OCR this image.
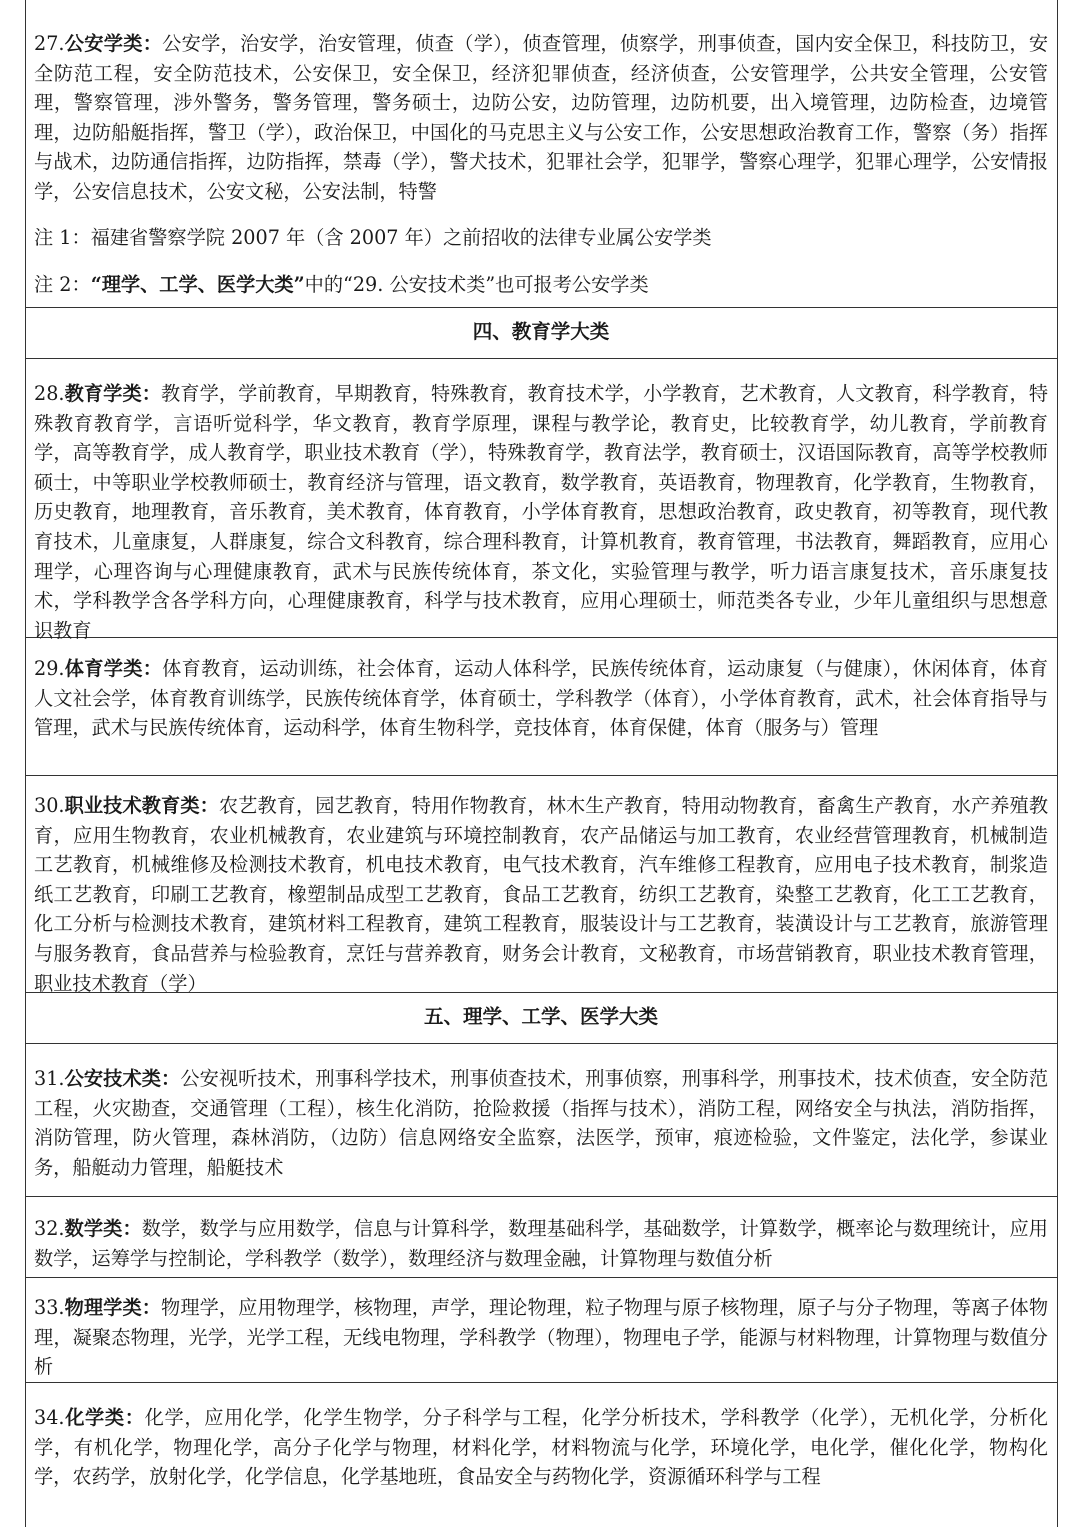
27.公安学类：公安学，治安学，治安管理，侦查（学），侦查管理，侦察学，刑事侦查，国内安全保卫，科技防卫，安全防范工程，安全防范技术，公安保卫，安全保卫，经济犯罪侦查，经济侦查，公安管理学，公共安全管理，公安管理，警察管理，涉外警务，警务管理，警务硕士，边防公安，边防管理，边防机要，出入境管理，边防检查，边境管理，边防船艇指挥，警卫（学），政治保卫，中国化的马克思主义与公安工作，公安思想政治教育工作，警察（务）指挥与战术，边防通信指挥，边防指挥，禁毒（学），警犬技术，犯罪社会学，犯罪学，警察心理学，犯罪心理学，公安情报学，公安信息技术，公安文秘，公安法制，特警

注 1：福建省警察学院 2007 年（含 2007 年）之前招收的法律专业属公安学类

注 2：“理学、工学、医学大类”中的“29. 公安技术类”也可报考公安学类

四、教育学大类

28.教育学类：教育学，学前教育，早期教育，特殊教育，教育技术学，小学教育，艺术教育，人文教育，科学教育，特殊教育教育学，言语听觉科学，华文教育，教育学原理，课程与教学论，教育史，比较教育学，幼儿教育，学前教育学，高等教育学，成人教育学，职业技术教育（学），特殊教育学，教育法学，教育硕士，汉语国际教育，高等学校教师硕士，中等职业学校教师硕士，教育经济与管理，语文教育，数学教育，英语教育，物理教育，化学教育，生物教育，历史教育，地理教育，音乐教育，美术教育，体育教育，小学体育教育，思想政治教育，政史教育，初等教育，现代教育技术，儿童康复，人群康复，综合文科教育，综合理科教育，计算机教育，教育管理，书法教育，舞蹈教育，应用心理学，心理咨询与心理健康教育，武术与民族传统体育，茶文化，实验管理与教学，听力语言康复技术，音乐康复技术，学科教学含各学科方向，心理健康教育，科学与技术教育，应用心理硕士，师范类各专业，少年儿童组织与思想意识教育

29.体育学类：体育教育，运动训练，社会体育，运动人体科学，民族传统体育，运动康复（与健康），休闲体育，体育人文社会学，体育教育训练学，民族传统体育学，体育硕士，学科教学（体育），小学体育教育，武术，社会体育指导与管理，武术与民族传统体育，运动科学，体育生物科学，竞技体育，体育保健，体育（服务与）管理

30.职业技术教育类：农艺教育，园艺教育，特用作物教育，林木生产教育，特用动物教育，畜禽生产教育，水产养殖教育，应用生物教育，农业机械教育，农业建筑与环境控制教育，农产品储运与加工教育，农业经营管理教育，机械制造工艺教育，机械维修及检测技术教育，机电技术教育，电气技术教育，汽车维修工程教育，应用电子技术教育，制浆造纸工艺教育，印刷工艺教育，橡塑制品成型工艺教育，食品工艺教育，纺织工艺教育，染整工艺教育，化工工艺教育，化工分析与检测技术教育，建筑材料工程教育，建筑工程教育，服装设计与工艺教育，装潢设计与工艺教育，旅游管理与服务教育，食品营养与检验教育，烹饪与营养教育，财务会计教育，文秘教育，市场营销教育，职业技术教育管理，职业技术教育（学）

五、理学、工学、医学大类

31.公安技术类：公安视听技术，刑事科学技术，刑事侦查技术，刑事侦察，刑事科学，刑事技术，技术侦查，安全防范工程，火灾勘查，交通管理（工程），核生化消防，抢险救援（指挥与技术），消防工程，网络安全与执法，消防指挥，消防管理，防火管理，森林消防，（边防）信息网络安全监察，法医学，预审，痕迹检验，文件鉴定，法化学，参谋业务，船艇动力管理，船艇技术

32.数学类：数学，数学与应用数学，信息与计算科学，数理基础科学，基础数学，计算数学，概率论与数理统计，应用数学，运筹学与控制论，学科教学（数学），数理经济与数理金融，计算物理与数值分析

33.物理学类：物理学，应用物理学，核物理，声学，理论物理，粒子物理与原子核物理，原子与分子物理，等离子体物理，凝聚态物理，光学，光学工程，无线电物理，学科教学（物理），物理电子学，能源与材料物理，计算物理与数值分析

34.化学类：化学，应用化学，化学生物学，分子科学与工程，化学分析技术，学科教学（化学），无机化学，分析化学，有机化学，物理化学，高分子化学与物理，材料化学，材料物流与化学，环境化学，电化学，催化化学，物构化学，农药学，放射化学，化学信息，化学基地班，食品安全与药物化学，资源循环科学与工程
